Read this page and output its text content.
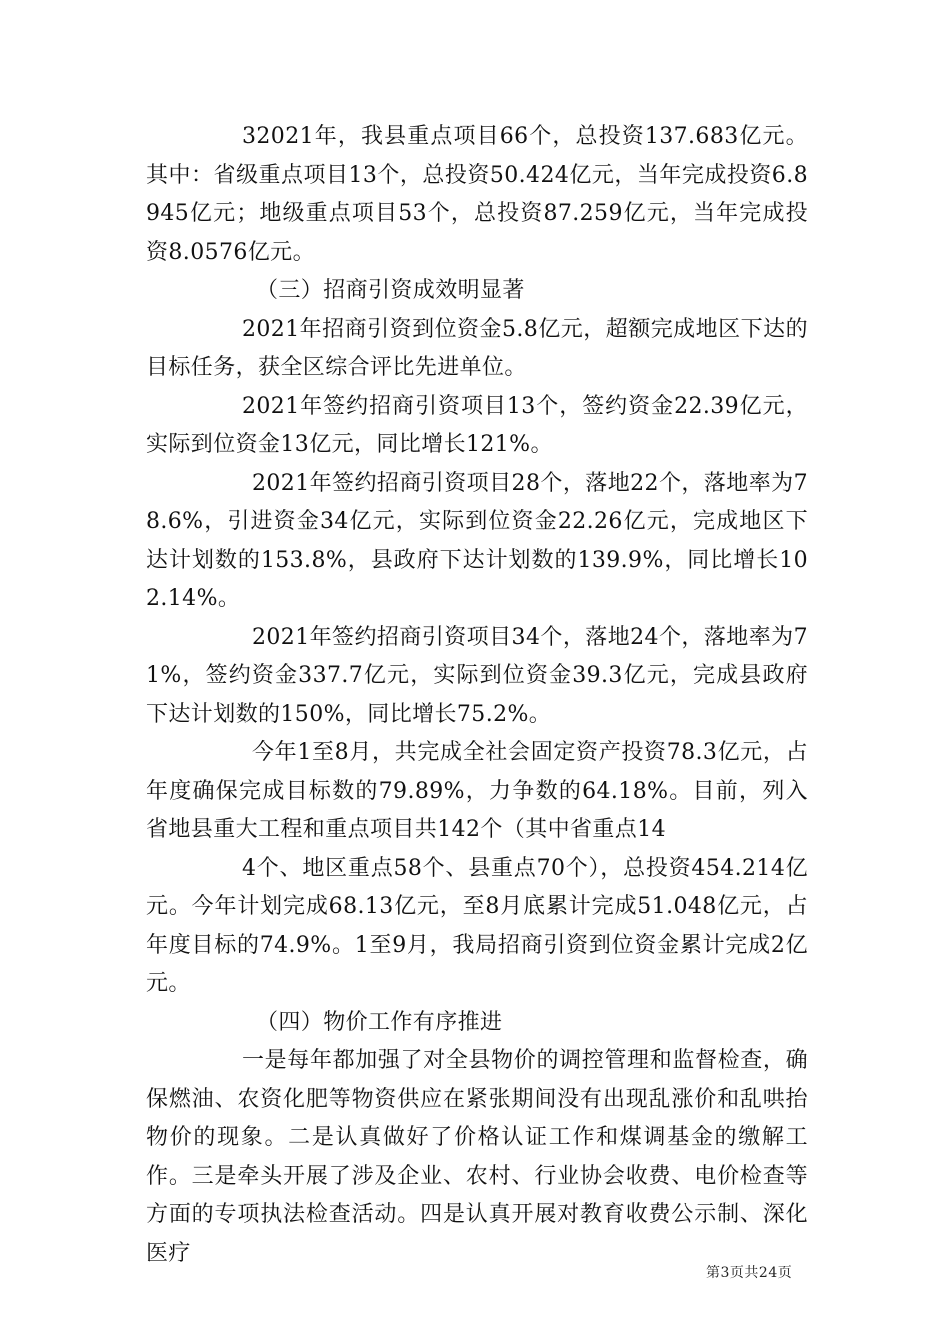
32021年，我县重点项目66个，总投资137.683亿元。其中：省级重点项目13个，总投资50.424亿元，当年完成投资6.8945亿元；地级重点项目53个，总投资87.259亿元，当年完成投资8.0576亿元。

（三）招商引资成效明显著

2021年招商引资到位资金5.8亿元，超额完成地区下达的目标任务，获全区综合评比先进单位。

2021年签约招商引资项目13个，签约资金22.39亿元，实际到位资金13亿元，同比增长121%。

2021年签约招商引资项目28个，落地22个，落地率为78.6%，引进资金34亿元，实际到位资金22.26亿元，完成地区下达计划数的153.8%，县政府下达计划数的139.9%，同比增长102.14%。

2021年签约招商引资项目34个，落地24个，落地率为71%，签约资金337.7亿元，实际到位资金39.3亿元，完成县政府下达计划数的150%，同比增长75.2%。

今年1至8月，共完成全社会固定资产投资78.3亿元，占年度确保完成目标数的79.89%，力争数的64.18%。目前，列入省地县重大工程和重点项目共142个（其中省重点14

4个、地区重点58个、县重点70个），总投资454.214亿元。今年计划完成68.13亿元，至8月底累计完成51.048亿元，占年度目标的74.9%。1至9月，我局招商引资到位资金累计完成2亿元。

（四）物价工作有序推进

一是每年都加强了对全县物价的调控管理和监督检查，确保燃油、农资化肥等物资供应在紧张期间没有出现乱涨价和乱哄抬物价的现象。二是认真做好了价格认证工作和煤调基金的缴解工作。三是牵头开展了涉及企业、农村、行业协会收费、电价检查等方面的专项执法检查活动。四是认真开展对教育收费公示制、深化医疗

第3页共24页
